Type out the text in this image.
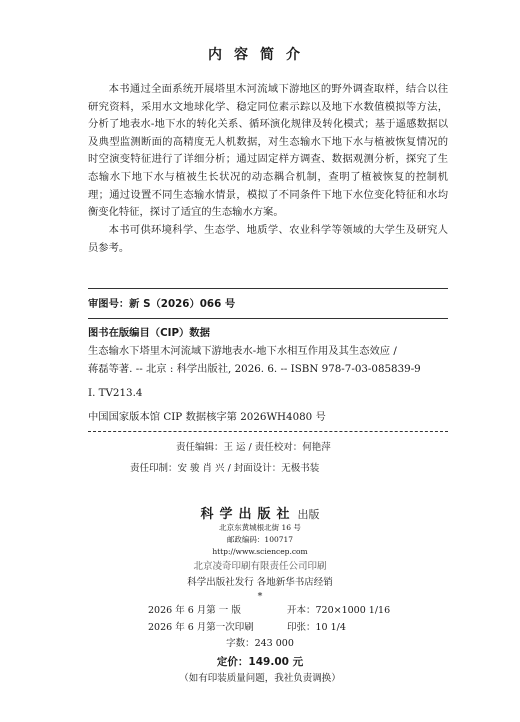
内容简介
本书通过全面系统开展塔里木河流域下游地区的野外调查取样，结合以往研究资料，采用水文地球化学、稳定同位素示踪以及地下水数值模拟等方法，分析了地表水-地下水的转化关系、循环演化规律及转化模式；基于遥感数据以及典型监测断面的高精度无人机数据，对生态输水下地下水与植被恢复情况的时空演变特征进行了详细分析；通过固定样方调查、数据观测分析，探究了生态输水下地下水与植被生长状况的动态耦合机制，查明了植被恢复的控制机理；通过设置不同生态输水情景，模拟了不同条件下地下水位变化特征和水均衡变化特征，探讨了适宜的生态输水方案。
本书可供环境科学、生态学、地质学、农业科学等领域的大学生及研究人员参考。
审图号：新 S（2026）066 号
图书在版编目（CIP）数据
生态输水下塔里木河流域下游地表水-地下水相互作用及其生态效应 /
蒋磊等著. -- 北京 : 科学出版社, 2026. 6. -- ISBN 978-7-03-085839-9
Ⅰ. TV213.4
中国国家版本馆 CIP 数据核字第 2026WH4080 号
责任编辑：王 运 / 责任校对：何艳萍
责任印制：安 骏 肖 兴 / 封面设计：无极书装
科学出版社 出版
北京东黄城根北街 16 号
邮政编码：100717
http://www.sciencep.com
北京凌奇印刷有限责任公司印刷
科学出版社发行 各地新华书店经销
*
2026 年 6 月第 一 版	开本：720×1000 1/16
2026 年 6 月第一次印刷	印张：10 1/4
字数：243 000
定价：149.00 元
（如有印装质量问题，我社负责调换）
